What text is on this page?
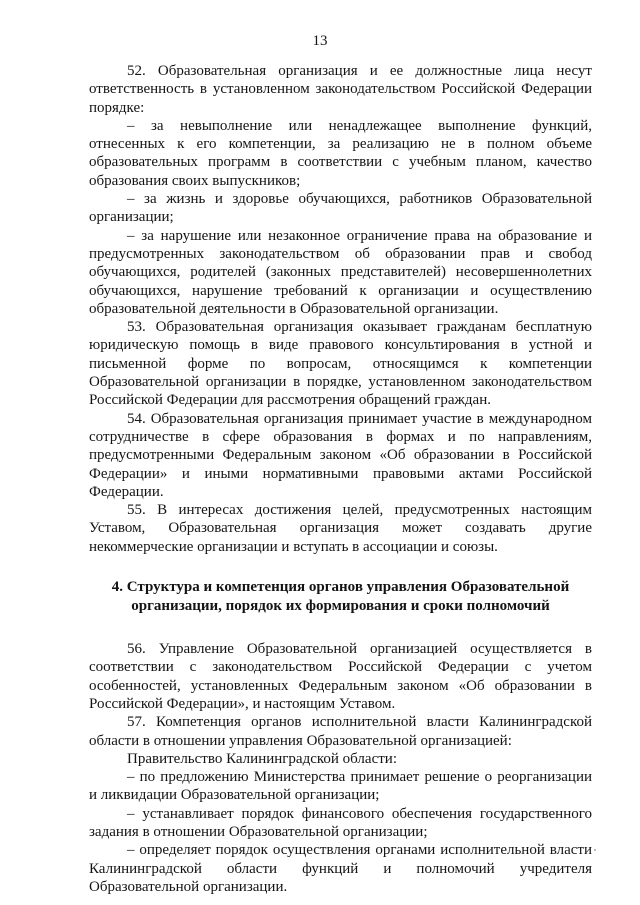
13

52. Образовательная организация и ее должностные лица несут ответственность в установленном законодательством Российской Федерации порядке:

– за невыполнение или ненадлежащее выполнение функций, отнесенных к его компетенции, за реализацию не в полном объеме образовательных программ в соответствии с учебным планом, качество образования своих выпускников;

– за жизнь и здоровье обучающихся, работников Образовательной организации;

– за нарушение или незаконное ограничение права на образование и предусмотренных законодательством об образовании прав и свобод обучающихся, родителей (законных представителей) несовершеннолетних обучающихся, нарушение требований к организации и осуществлению образовательной деятельности в Образовательной организации.

53. Образовательная организация оказывает гражданам бесплатную юридическую помощь в виде правового консультирования в устной и письменной форме по вопросам, относящимся к компетенции Образовательной организации в порядке, установленном законодательством Российской Федерации для рассмотрения обращений граждан.

54. Образовательная организация принимает участие в международном сотрудничестве в сфере образования в формах и по направлениям, предусмотренными Федеральным законом «Об образовании в Российской Федерации» и иными нормативными правовыми актами Российской Федерации.

55. В интересах достижения целей, предусмотренных настоящим Уставом, Образовательная организация может создавать другие некоммерческие организации и вступать в ассоциации и союзы.

4. Структура и компетенция органов управления Образовательной организации, порядок их формирования и сроки полномочий

56. Управление Образовательной организацией осуществляется в соответствии с законодательством Российской Федерации с учетом особенностей, установленных Федеральным законом «Об образовании в Российской Федерации», и настоящим Уставом.

57. Компетенция органов исполнительной власти Калининградской области в отношении управления Образовательной организацией:

Правительство Калининградской области:

– по предложению Министерства принимает решение о реорганизации и ликвидации Образовательной организации;

– устанавливает порядок финансового обеспечения государственного задания в отношении Образовательной организации;

– определяет порядок осуществления органами исполнительной власти Калининградской области функций и полномочий учредителя Образовательной организации.
